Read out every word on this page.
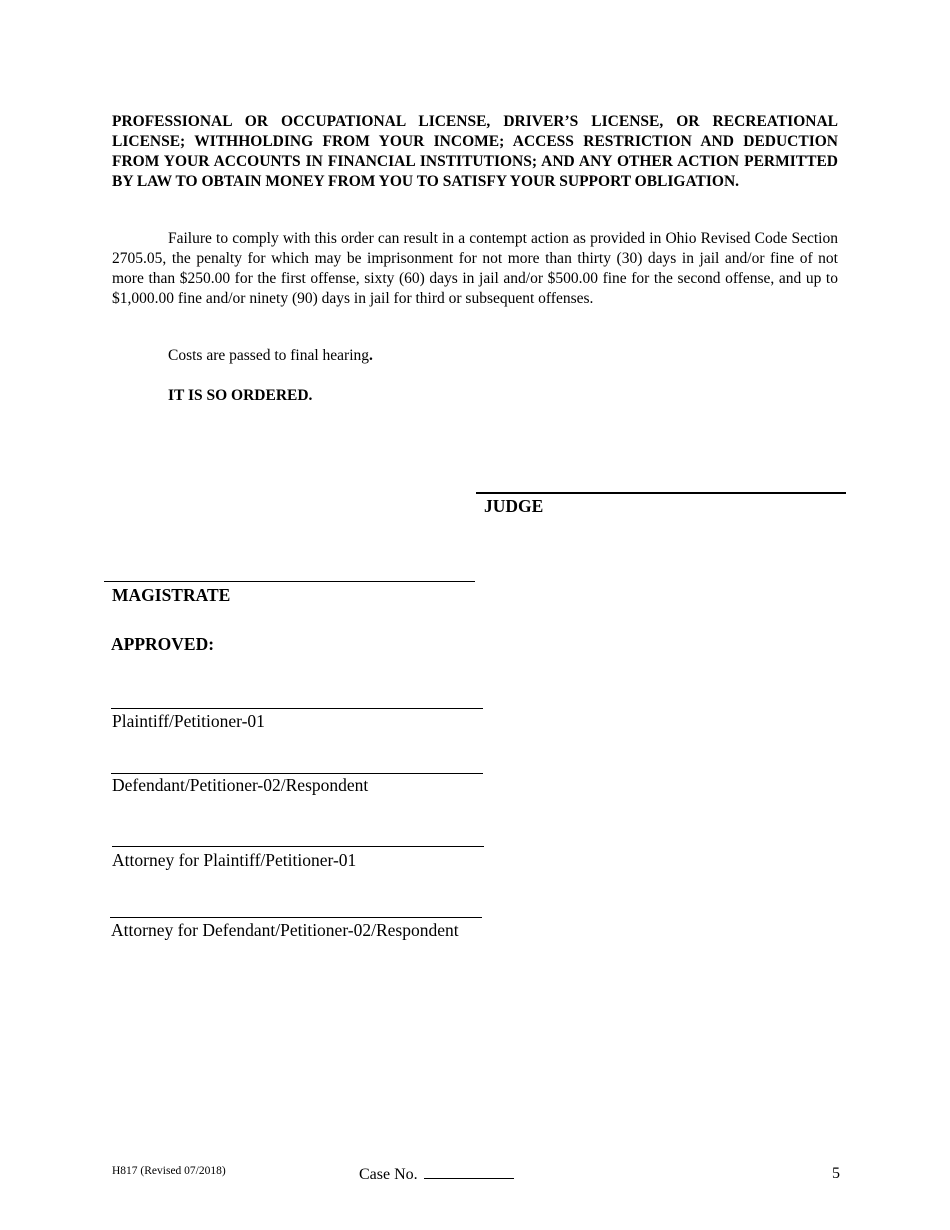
PROFESSIONAL OR OCCUPATIONAL LICENSE, DRIVER’S LICENSE, OR RECREATIONAL LICENSE; WITHHOLDING FROM YOUR INCOME; ACCESS RESTRICTION AND DEDUCTION FROM YOUR ACCOUNTS IN FINANCIAL INSTITUTIONS; AND ANY OTHER ACTION PERMITTED BY LAW TO OBTAIN MONEY FROM YOU TO SATISFY YOUR SUPPORT OBLIGATION.

Failure to comply with this order can result in a contempt action as provided in Ohio Revised Code Section 2705.05, the penalty for which may be imprisonment for not more than thirty (30) days in jail and/or fine of not more than $250.00 for the first offense, sixty (60) days in jail and/or $500.00 fine for the second offense, and up to $1,000.00 fine and/or ninety (90) days in jail for third or subsequent offenses.

Costs are passed to final hearing.

IT IS SO ORDERED.

JUDGE
MAGISTRATE
APPROVED:
Plaintiff/Petitioner-01
Defendant/Petitioner-02/Respondent
Attorney for Plaintiff/Petitioner-01
Attorney for Defendant/Petitioner-02/Respondent
H817 (Revised 07/2018)	Case No.	5
